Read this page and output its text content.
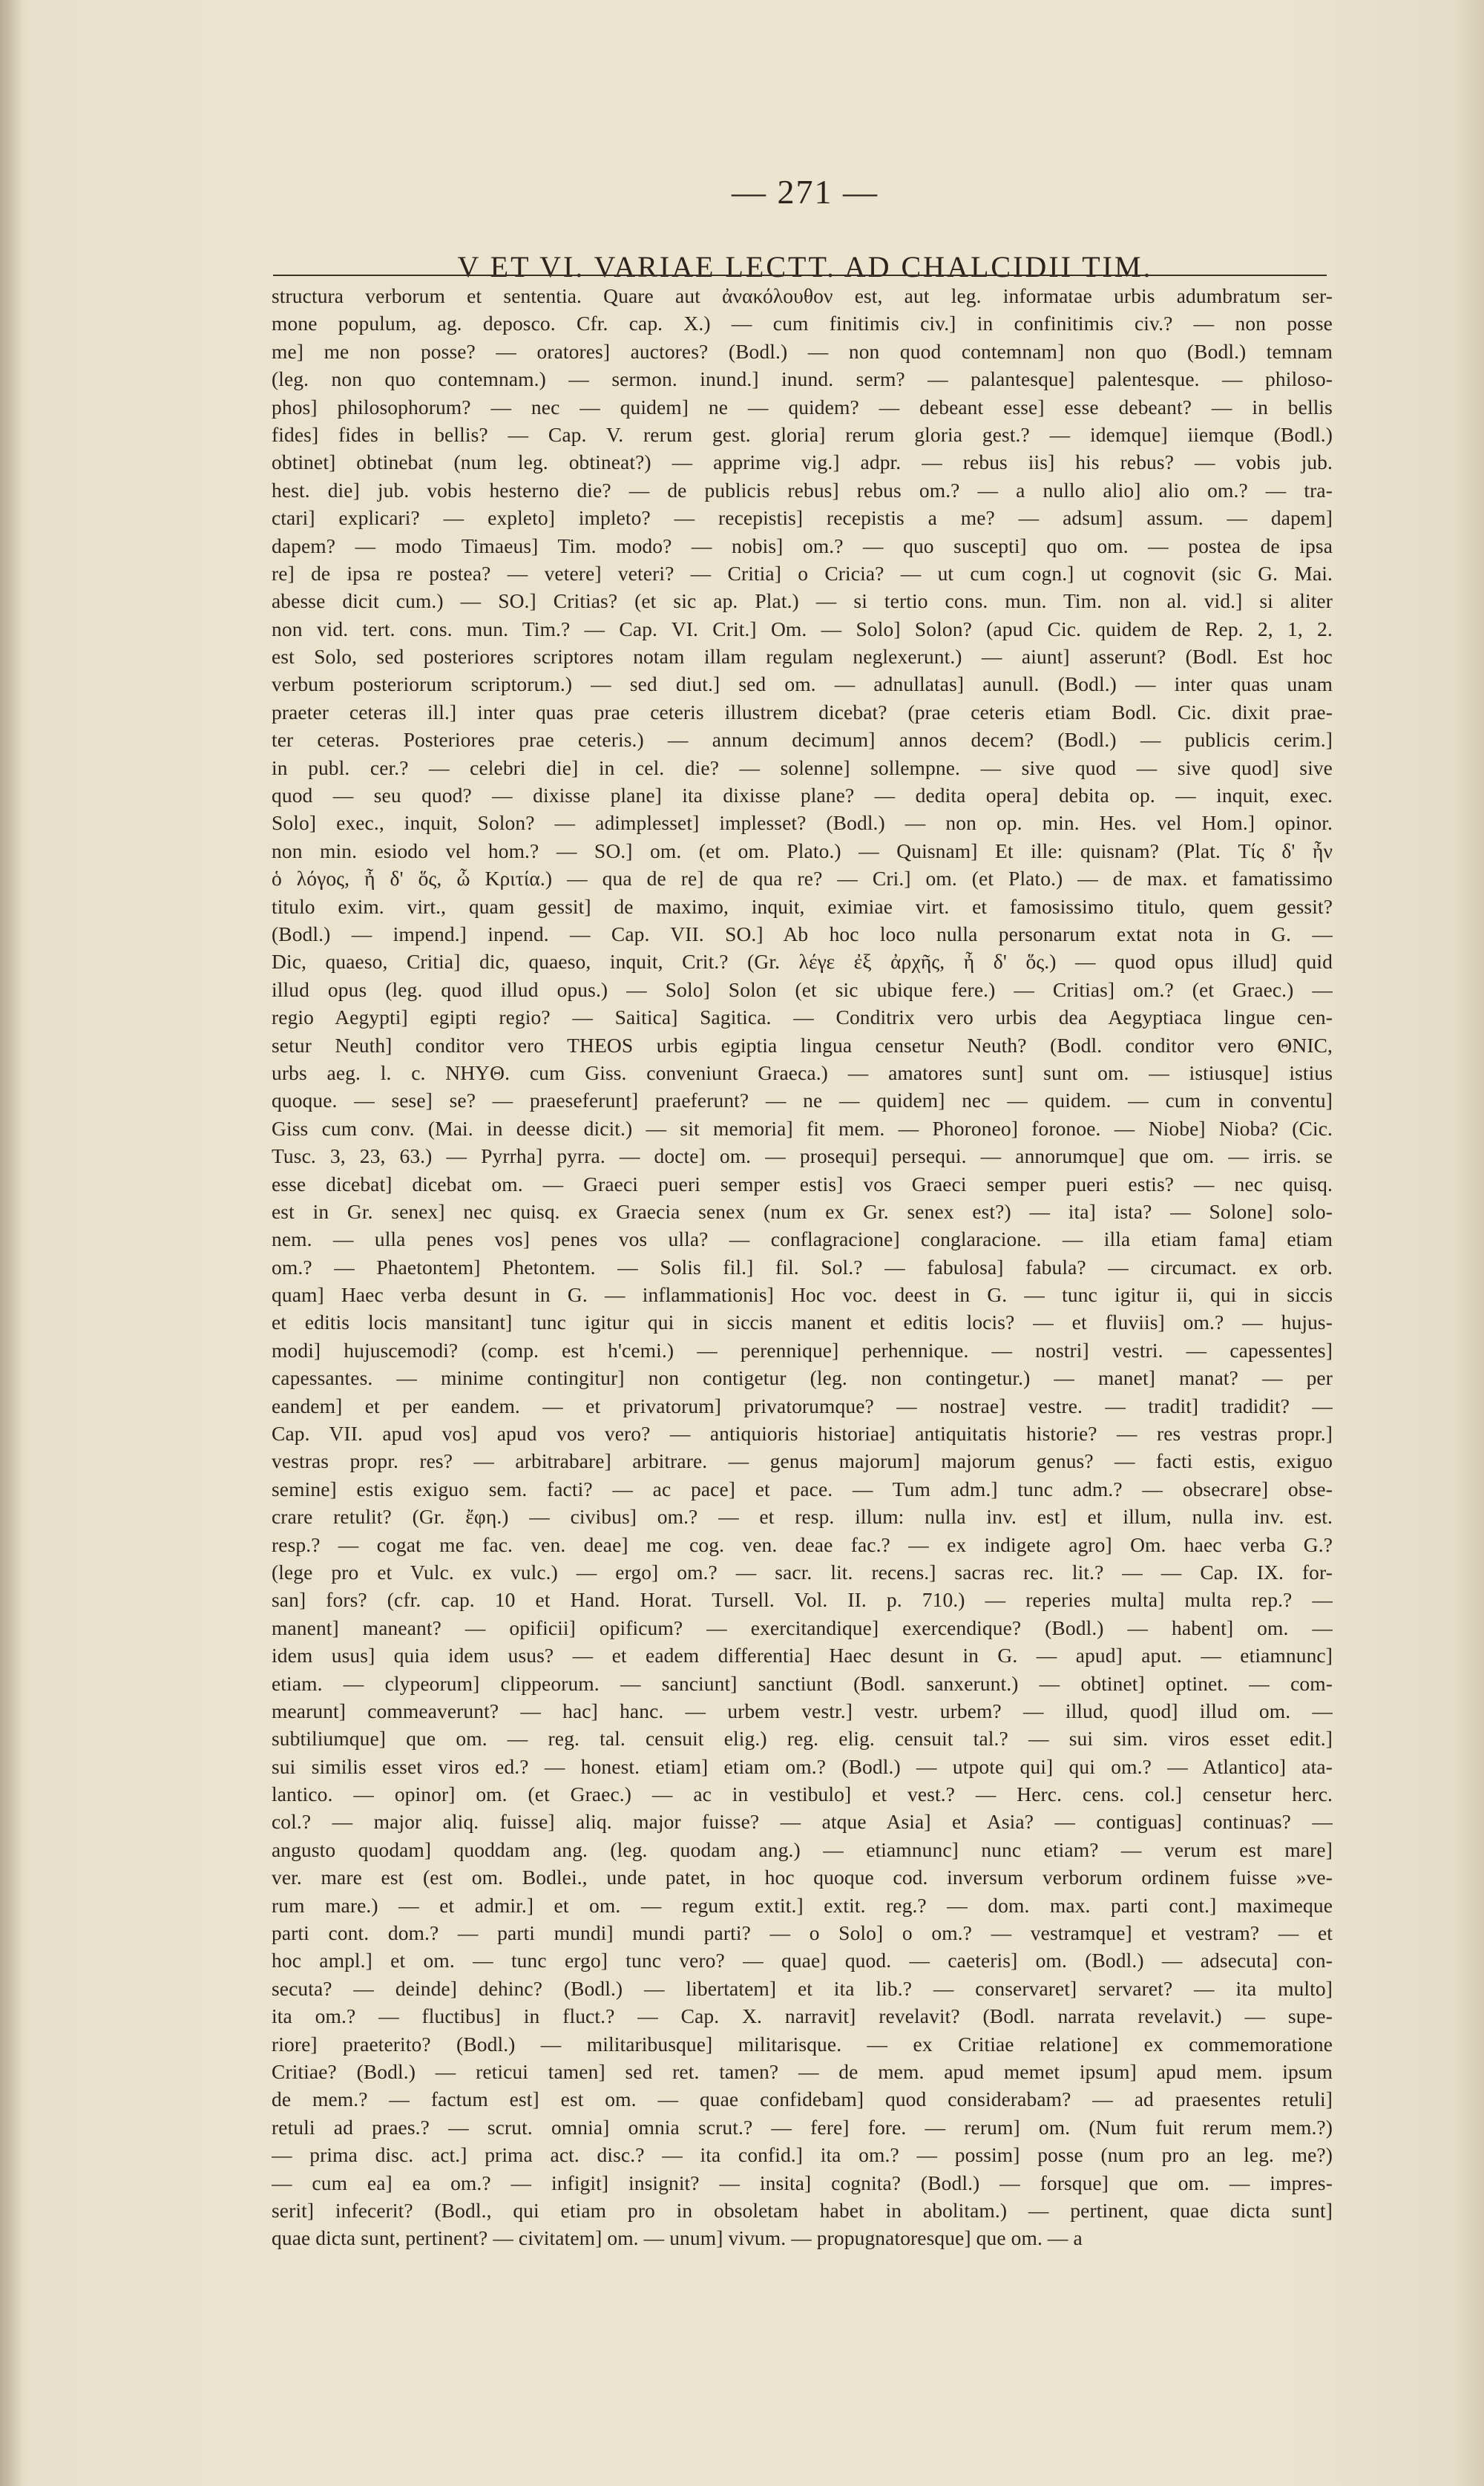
— 271 —
V ET VI. VARIAE LECTT. AD CHALCIDII TIM.
structura verborum et sententia. Quare aut ἀνακόλουθον est, aut leg. informatae urbis adumbratum ser-
mone populum, ag. deposco. Cfr. cap. X.) — cum finitimis civ.] in confinitimis civ.? — non posse
me] me non posse? — oratores] auctores? (Bodl.) — non quod contemnam] non quo (Bodl.) temnam
(leg. non quo contemnam.) — sermon. inund.] inund. serm? — palantesque] palentesque. — philoso-
phos] philosophorum? — nec — quidem] ne — quidem? — debeant esse] esse debeant? — in bellis
fides] fides in bellis? — Cap. V. rerum gest. gloria] rerum gloria gest.? — idemque] iiemque (Bodl.)
obtinet] obtinebat (num leg. obtineat?) — apprime vig.] adpr. — rebus iis] his rebus? — vobis jub.
hest. die] jub. vobis hesterno die? — de publicis rebus] rebus om.? — a nullo alio] alio om.? — tra-
ctari] explicari? — expleto] impleto? — recepistis] recepistis a me? — adsum] assum. — dapem]
dapem? — modo Timaeus] Tim. modo? — nobis] om.? — quo suscepti] quo om. — postea de ipsa
re] de ipsa re postea? — vetere] veteri? — Critia] o Cricia? — ut cum cogn.] ut cognovit (sic G. Mai.
abesse dicit cum.) — SO.] Critias? (et sic ap. Plat.) — si tertio cons. mun. Tim. non al. vid.] si aliter
non vid. tert. cons. mun. Tim.? — Cap. VI. Crit.] Om. — Solo] Solon? (apud Cic. quidem de Rep. 2, 1, 2.
est Solo, sed posteriores scriptores notam illam regulam neglexerunt.) — aiunt] asserunt? (Bodl. Est hoc
verbum posteriorum scriptorum.) — sed diut.] sed om. — adnullatas] aunull. (Bodl.) — inter quas unam
praeter ceteras ill.] inter quas prae ceteris illustrem dicebat? (prae ceteris etiam Bodl. Cic. dixit prae-
ter ceteras. Posteriores prae ceteris.) — annum decimum] annos decem? (Bodl.) — publicis cerim.]
in publ. cer.? — celebri die] in cel. die? — solenne] sollempne. — sive quod — sive quod] sive
quod — seu quod? — dixisse plane] ita dixisse plane? — dedita opera] debita op. — inquit, exec.
Solo] exec., inquit, Solon? — adimplesset] implesset? (Bodl.) — non op. min. Hes. vel Hom.] opinor.
non min. esiodo vel hom.? — SO.] om. (et om. Plato.) — Quisnam] Et ille: quisnam? (Plat. Τίς δ' ἦν
ὁ λόγος, ἦ δ' ὅς, ὦ Κριτία.) — qua de re] de qua re? — Cri.] om. (et Plato.) — de max. et famatissimo
titulo exim. virt., quam gessit] de maximo, inquit, eximiae virt. et famosissimo titulo, quem gessit?
(Bodl.) — impend.] inpend. — Cap. VII. SO.] Ab hoc loco nulla personarum extat nota in G. —
Dic, quaeso, Critia] dic, quaeso, inquit, Crit.? (Gr. λέγε ἐξ ἀρχῆς, ἦ δ' ὅς.) — quod opus illud] quid
illud opus (leg. quod illud opus.) — Solo] Solon (et sic ubique fere.) — Critias] om.? (et Graec.) —
regio Aegypti] egipti regio? — Saitica] Sagitica. — Conditrix vero urbis dea Aegyptiaca lingue cen-
setur Neuth] conditor vero THEOS urbis egiptia lingua censetur Neuth? (Bodl. conditor vero ΘΝΙC,
urbs aeg. l. c. NHYΘ. cum Giss. conveniunt Graeca.) — amatores sunt] sunt om. — istiusque] istius
quoque. — sese] se? — praeseferunt] praeferunt? — ne — quidem] nec — quidem. — cum in conventu]
Giss cum conv. (Mai. in deesse dicit.) — sit memoria] fit mem. — Phoroneo] foronoe. — Niobe] Nioba? (Cic.
Tusc. 3, 23, 63.) — Pyrrha] pyrra. — docte] om. — prosequi] persequi. — annorumque] que om. — irris. se
esse dicebat] dicebat om. — Graeci pueri semper estis] vos Graeci semper pueri estis? — nec quisq.
est in Gr. senex] nec quisq. ex Graecia senex (num ex Gr. senex est?) — ita] ista? — Solone] solo-
nem. — ulla penes vos] penes vos ulla? — conflagracione] conglaracione. — illa etiam fama] etiam
om.? — Phaetontem] Phetontem. — Solis fil.] fil. Sol.? — fabulosa] fabula? — circumact. ex orb.
quam] Haec verba desunt in G. — inflammationis] Hoc voc. deest in G. — tunc igitur ii, qui in siccis
et editis locis mansitant] tunc igitur qui in siccis manent et editis locis? — et fluviis] om.? — hujus-
modi] hujuscemodi? (comp. est h'cemi.) — perennique] perhennique. — nostri] vestri. — capessentes]
capessantes. — minime contingitur] non contigetur (leg. non contingetur.) — manet] manat? — per
eandem] et per eandem. — et privatorum] privatorumque? — nostrae] vestre. — tradit] tradidit? —
Cap. VII. apud vos] apud vos vero? — antiquioris historiae] antiquitatis historie? — res vestras propr.]
vestras propr. res? — arbitrabare] arbitrare. — genus majorum] majorum genus? — facti estis, exiguo
semine] estis exiguo sem. facti? — ac pace] et pace. — Tum adm.] tunc adm.? — obsecrare] obse-
crare retulit? (Gr. ἔφη.) — civibus] om.? — et resp. illum: nulla inv. est] et illum, nulla inv. est.
resp.? — cogat me fac. ven. deae] me cog. ven. deae fac.? — ex indigete agro] Om. haec verba G.?
(lege pro et Vulc. ex vulc.) — ergo] om.? — sacr. lit. recens.] sacras rec. lit.? — — Cap. IX. for-
san] fors? (cfr. cap. 10 et Hand. Horat. Tursell. Vol. II. p. 710.) — reperies multa] multa rep.? —
manent] maneant? — opificii] opificum? — exercitandique] exercendique? (Bodl.) — habent] om. —
idem usus] quia idem usus? — et eadem differentia] Haec desunt in G. — apud] aput. — etiamnunc]
etiam. — clypeorum] clippeorum. — sanciunt] sanctiunt (Bodl. sanxerunt.) — obtinet] optinet. — com-
mearunt] commeaverunt? — hac] hanc. — urbem vestr.] vestr. urbem? — illud, quod] illud om. —
subtiliumque] que om. — reg. tal. censuit elig.) reg. elig. censuit tal.? — sui sim. viros esset edit.]
sui similis esset viros ed.? — honest. etiam] etiam om.? (Bodl.) — utpote qui] qui om.? — Atlantico] ata-
lantico. — opinor] om. (et Graec.) — ac in vestibulo] et vest.? — Herc. cens. col.] censetur herc.
col.? — major aliq. fuisse] aliq. major fuisse? — atque Asia] et Asia? — contiguas] continuas? —
angusto quodam] quoddam ang. (leg. quodam ang.) — etiamnunc] nunc etiam? — verum est mare]
ver. mare est (est om. Bodlei., unde patet, in hoc quoque cod. inversum verborum ordinem fuisse »ve-
rum mare.) — et admir.] et om. — regum extit.] extit. reg.? — dom. max. parti cont.] maximeque
parti cont. dom.? — parti mundi] mundi parti? — o Solo] o om.? — vestramque] et vestram? — et
hoc ampl.] et om. — tunc ergo] tunc vero? — quae] quod. — caeteris] om. (Bodl.) — adsecuta] con-
secuta? — deinde] dehinc? (Bodl.) — libertatem] et ita lib.? — conservaret] servaret? — ita multo]
ita om.? — fluctibus] in fluct.? — Cap. X. narravit] revelavit? (Bodl. narrata revelavit.) — supe-
riore] praeterito? (Bodl.) — militaribusque] militarisque. — ex Critiae relatione] ex commemoratione
Critiae? (Bodl.) — reticui tamen] sed ret. tamen? — de mem. apud memet ipsum] apud mem. ipsum
de mem.? — factum est] est om. — quae confidebam] quod considerabam? — ad praesentes retuli]
retuli ad praes.? — scrut. omnia] omnia scrut.? — fere] fore. — rerum] om. (Num fuit rerum mem.?)
— prima disc. act.] prima act. disc.? — ita confid.] ita om.? — possim] posse (num pro an leg. me?)
— cum ea] ea om.? — infigit] insignit? — insita] cognita? (Bodl.) — forsque] que om. — impres-
serit] infecerit? (Bodl., qui etiam pro in obsoletam habet in abolitam.) — pertinent, quae dicta sunt]
quae dicta sunt, pertinent? — civitatem] om. — unum] vivum. — propugnatoresque] que om. — a
